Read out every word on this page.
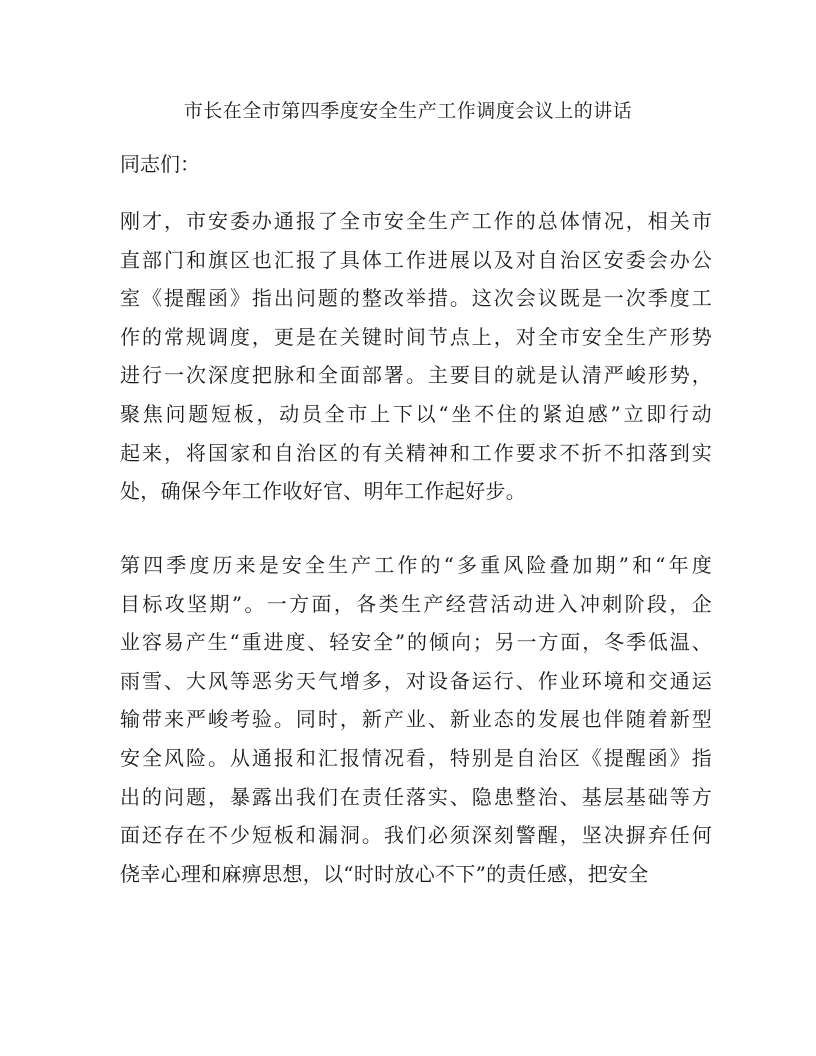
市长在全市第四季度安全生产工作调度会议上的讲话

同志们：

刚才，市安委办通报了全市安全生产工作的总体情况，相关市
直部门和旗区也汇报了具体工作进展以及对自治区安委会办公
室《提醒函》指出问题的整改举措。这次会议既是一次季度工
作的常规调度，更是在关键时间节点上，对全市安全生产形势
进行一次深度把脉和全面部署。主要目的就是认清严峻形势，
聚焦问题短板，动员全市上下以“坐不住的紧迫感”立即行动
起来，将国家和自治区的有关精神和工作要求不折不扣落到实
处，确保今年工作收好官、明年工作起好步。
第四季度历来是安全生产工作的“多重风险叠加期”和“年度
目标攻坚期”。一方面，各类生产经营活动进入冲刺阶段，企
业容易产生“重进度、轻安全”的倾向；另一方面，冬季低温、
雨雪、大风等恶劣天气增多，对设备运行、作业环境和交通运
输带来严峻考验。同时，新产业、新业态的发展也伴随着新型
安全风险。从通报和汇报情况看，特别是自治区《提醒函》指
出的问题，暴露出我们在责任落实、隐患整治、基层基础等方
面还存在不少短板和漏洞。我们必须深刻警醒，坚决摒弃任何
侥幸心理和麻痹思想，以“时时放心不下”的责任感，把安全
